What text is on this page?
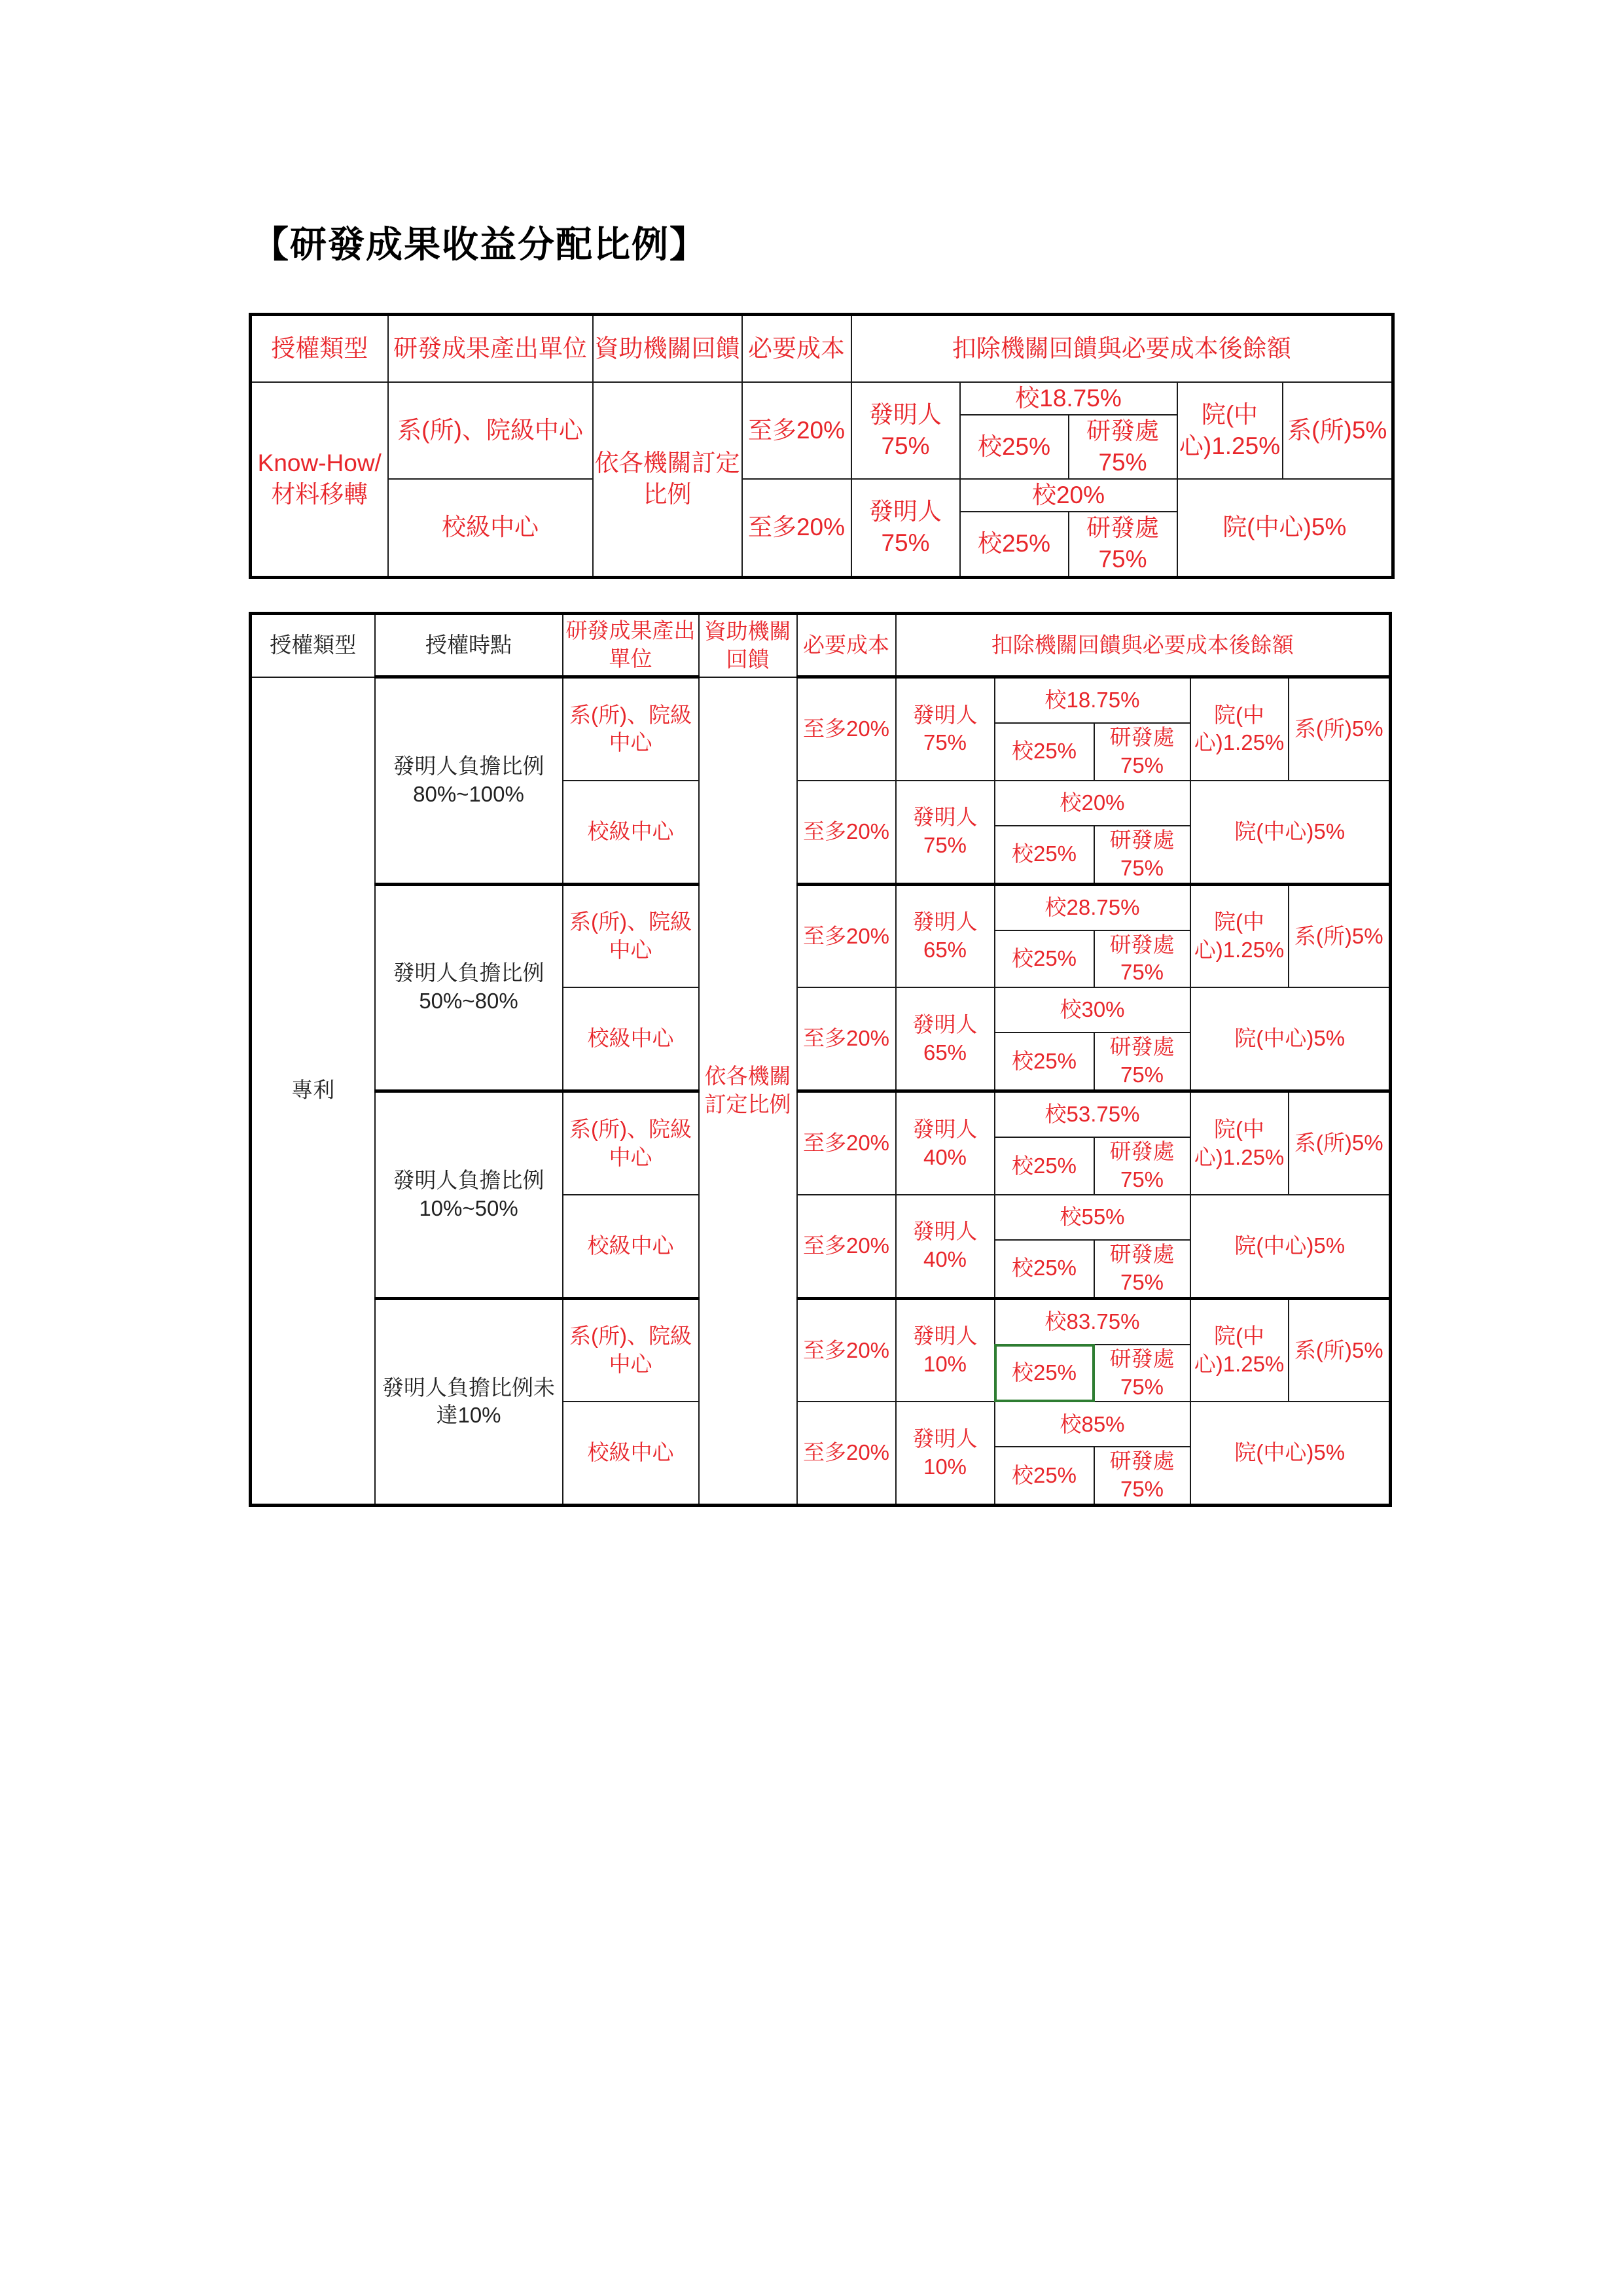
【研發成果收益分配比例】
授權類型	研發成果產出單位	資助機關回饋	必要成本	扣除機關回饋與必要成本後餘額				
Know-How/材料移轉	系(所)、院級中心	依各機關訂定比例	至多20%	發明人75%	校18.75%		院(中心)1.25%	系(所)5%
					校25%	研發處75%		

	校級中心		至多20%	發明人75%	校20%		院(中心)5%	
					校25%	研發處75%		

授權類型	授權時點	研發成果產出單位	資助機關回饋	必要成本	扣除機關回饋與必要成本後餘額				
專利	發明人負擔比例80%~100%	系(所)、院級中心	依各機關訂定比例	至多20%	發明人75%	校18.75%		院(中心)1.25%	系(所)5%
						校25%	研發處75%		
		校級中心		至多20%	發明人75%	校20%		院(中心)5%	
						校25%	研發處75%		
	發明人負擔比例50%~80%	系(所)、院級中心		至多20%	發明人65%	校28.75%		院(中心)1.25%	系(所)5%
						校25%	研發處75%		
		校級中心		至多20%	發明人65%	校30%		院(中心)5%	
						校25%	研發處75%		
	發明人負擔比例10%~50%	系(所)、院級中心		至多20%	發明人40%	校53.75%		院(中心)1.25%	系(所)5%
						校25%	研發處75%		
		校級中心		至多20%	發明人40%	校55%		院(中心)5%	
						校25%	研發處75%		
	發明人負擔比例未達10%	系(所)、院級中心		至多20%	發明人10%	校83.75%		院(中心)1.25%	系(所)5%
						校25%	研發處75%		
		校級中心		至多20%	發明人10%	校85%		院(中心)5%	
						校25%	研發處75%		
